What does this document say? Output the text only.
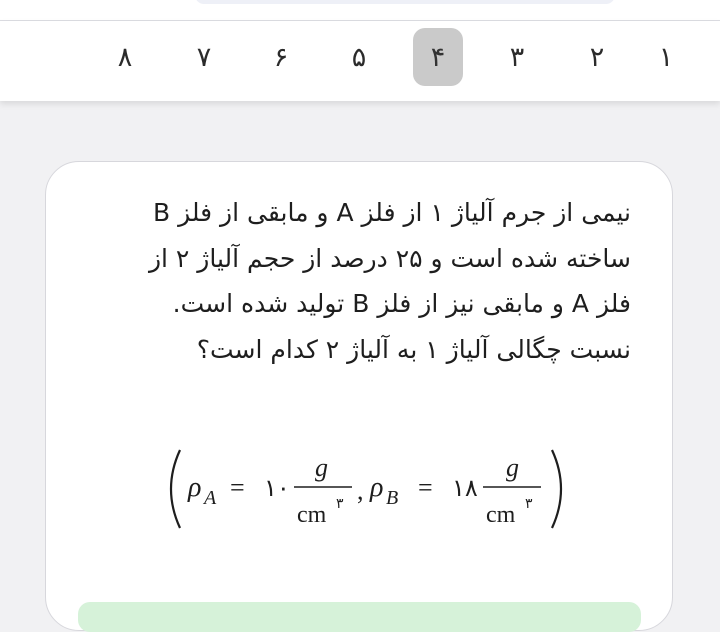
۱
۲
۳
۴
۵
۶
۷
۸
نیمی از جرم آلیاژ ۱ از فلز A و مابقی از فلز B ساخته شده است و ۲۵ درصد از حجم آلیاژ ۲ از فلز A و مابقی نیز از فلز B تولید شده است. نسبت چگالی آلیاژ ۱ به آلیاژ ۲ کدام است؟
ρ A = ۱۰
g
cm ۳ , ρ B = ۱۸
g
cm ۳
